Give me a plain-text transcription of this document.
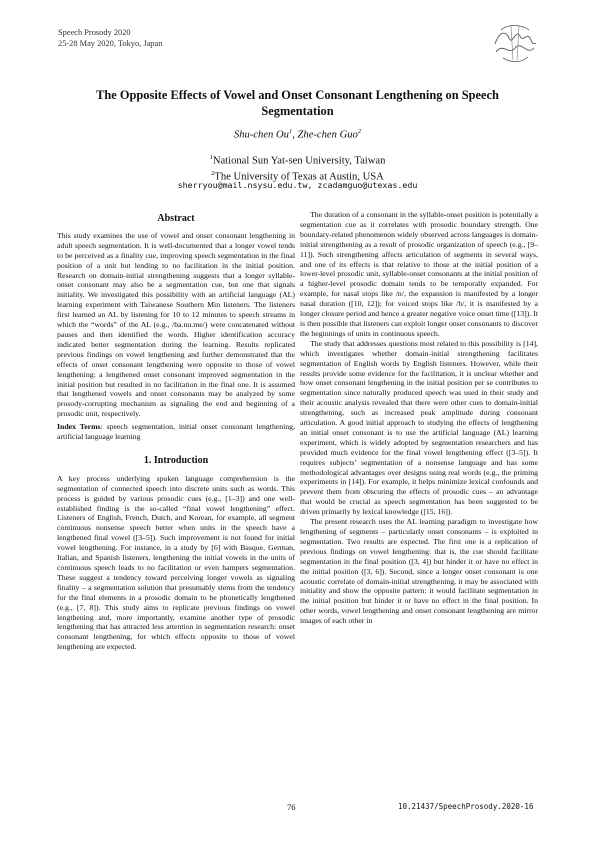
Speech Prosody 2020
25-28 May 2020, Tokyo, Japan
The Opposite Effects of Vowel and Onset Consonant Lengthening on Speech Segmentation
Shu-chen Ou$^1$, Zhe-chen Guo$^2$
$^1$National Sun Yat-sen University, Taiwan
$^2$The University of Texas at Austin, USA
sherryou@mail.nsysu.edu.tw, zcadamguo@utexas.edu
Abstract

This study examines the use of vowel and onset consonant lengthening in adult speech segmentation. It is well-documented that a longer vowel tends to be perceived as a finality cue, improving speech segmentation in the final position of a unit but lending to no facilitation in the initial position. Research on domain-initial strengthening suggests that a longer syllable-onset consonant may also be a segmentation cue, but one that signals initiality. We investigated this possibility with an artificial language (AL) learning experiment with Taiwanese Southern Min listeners. The listeners first learned an AL by listening for 10 to 12 minutes to speech streams in which the “words” of the AL (e.g., /ba.nu.me/) were concatenated without pauses and then identified the words. Higher identification accuracy indicated better segmentation during the learning. Results replicated previous findings on vowel lengthening and further demonstrated that the effects of onset consonant lengthening were opposite to those of vowel lengthening: a lengthened onset consonant improved segmentation in the initial position but resulted in no facilitation in the final one. It is assumed that lengthened vowels and onset consonants may be analyzed by some prosody-corrupting mechanism as signaling the end and beginning of a prosodic unit, respectively.

Index Terms: speech segmentation, initial onset consonant lengthening, artificial language learning

1. Introduction

A key process underlying spoken language comprehension is the segmentation of connected speech into discrete units such as words. This process is guided by various prosodic cues (e.g., [1–3]) and one well-established finding is the so-called “final vowel lengthening” effect. Listeners of English, French, Dutch, and Korean, for example, all segment continuous nonsense speech better when units in the speech have a lengthened final vowel ([3–5]). Such improvement is not found for initial vowel lengthening. For instance, in a study by [6] with Basque, German, Italian, and Spanish listeners, lengthening the initial vowels in the units of continuous speech leads to no facilitation or even hampers segmentation. These suggest a tendency toward perceiving longer vowels as signaling finality – a segmentation solution that presumably stems from the tendency for the final elements in a prosodic domain to be phonetically lengthened (e.g., [7, 8]). This study aims to replicate previous findings on vowel lengthening and, more importantly, examine another type of prosodic lengthening that has attracted less attention in segmentation research: onset consonant lengthening, for which effects opposite to those of vowel lengthening are expected.

The duration of a consonant in the syllable-onset position is potentially a segmentation cue as it correlates with prosodic boundary strength. One boundary-related phenomenon widely observed across languages is domain-initial strengthening as a result of prosodic organization of speech (e.g., [9–11]). Such strengthening affects articulation of segments in several ways, and one of its effects is that relative to those at the initial position of a lower-level prosodic unit, syllable-onset consonants at the initial position of a higher-level prosodic domain tends to be temporally expanded. For example, for nasal stops like /n/, the expansion is manifested by a longer nasal duration ([10, 12]); for voiced stops like /b/, it is manifested by a longer closure period and hence a greater negative voice onset time ([13]). It is then possible that listeners can exploit longer onset consonants to discover the beginnings of units in continuous speech.

The study that addresses questions most related to this possibility is [14], which investigates whether domain-initial strengthening facilitates segmentation of English words by English listeners. However, while their results provide some evidence for the facilitation, it is unclear whether and how onset consonant lengthening in the initial position per se contributes to segmentation since naturally produced speech was used in their study and their acoustic analysis revealed that there were other cues to domain-initial strengthening, such as increased peak amplitude during consonant articulation. A good initial approach to studying the effects of lengthening an initial onset consonant is to use the artificial language (AL) learning experiment, which is widely adopted by segmentation researchers and has provided much evidence for the final vowel lengthening effect ([3–5]). It requires subjects’ segmentation of a nonsense language and has some methodological advantages over designs using real words (e.g., the priming experiments in [14]). For example, it helps minimize lexical confounds and prevent them from obscuring the effects of prosodic cues – an advantage that would be crucial as speech segmentation has been suggested to be driven primarily by lexical knowledge ([15, 16]).

The present research uses the AL learning paradigm to investigate how lengthening of segments – particularly onset consonants – is exploited in segmentation. Two results are expected. The first one is a replication of previous findings on vowel lengthening: that is, the cue should facilitate segmentation in the final position ([3, 4]) but hinder it or have no effect in the initial position ([3, 6]). Second, since a longer onset consonant is one acoustic correlate of domain-initial strengthening, it may be associated with initiality and show the opposite pattern: it would facilitate segmentation in the initial position but hinder it or have no effect in the final position. In other words, vowel lengthening and onset consonant lengthening are mirror images of each other in

76	10.21437/SpeechProsody.2020-16
